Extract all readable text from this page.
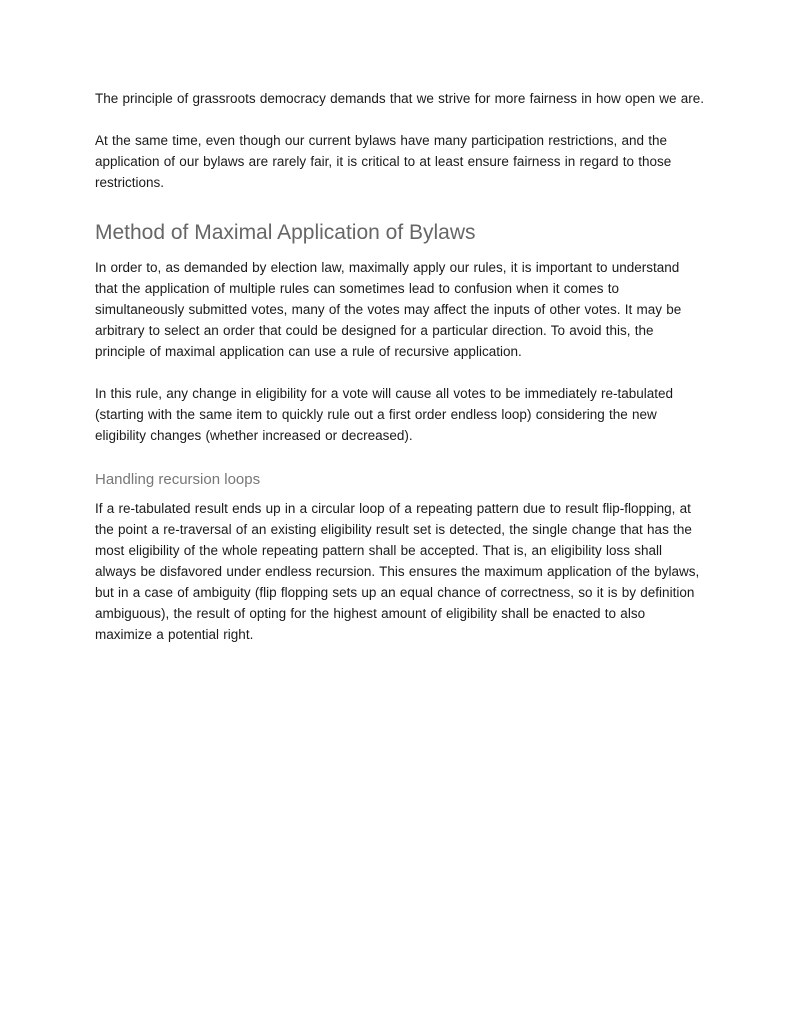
The principle of grassroots democracy demands that we strive for more fairness in how open we are.

At the same time, even though our current bylaws have many participation restrictions, and the application of our bylaws are rarely fair, it is critical to at least ensure fairness in regard to those restrictions.

Method of Maximal Application of Bylaws

In order to, as demanded by election law, maximally apply our rules, it is important to understand that the application of multiple rules can sometimes lead to confusion when it comes to simultaneously submitted votes, many of the votes may affect the inputs of other votes. It may be arbitrary to select an order that could be designed for a particular direction. To avoid this, the principle of maximal application can use a rule of recursive application.

In this rule, any change in eligibility for a vote will cause all votes to be immediately re-tabulated (starting with the same item to quickly rule out a first order endless loop) considering the new eligibility changes (whether increased or decreased).

Handling recursion loops

If a re-tabulated result ends up in a circular loop of a repeating pattern due to result flip-flopping, at the point a re-traversal of an existing eligibility result set is detected, the single change that has the most eligibility of the whole repeating pattern shall be accepted. That is, an eligibility loss shall always be disfavored under endless recursion. This ensures the maximum application of the bylaws, but in a case of ambiguity (flip flopping sets up an equal chance of correctness, so it is by definition ambiguous), the result of opting for the highest amount of eligibility shall be enacted to also maximize a potential right.
